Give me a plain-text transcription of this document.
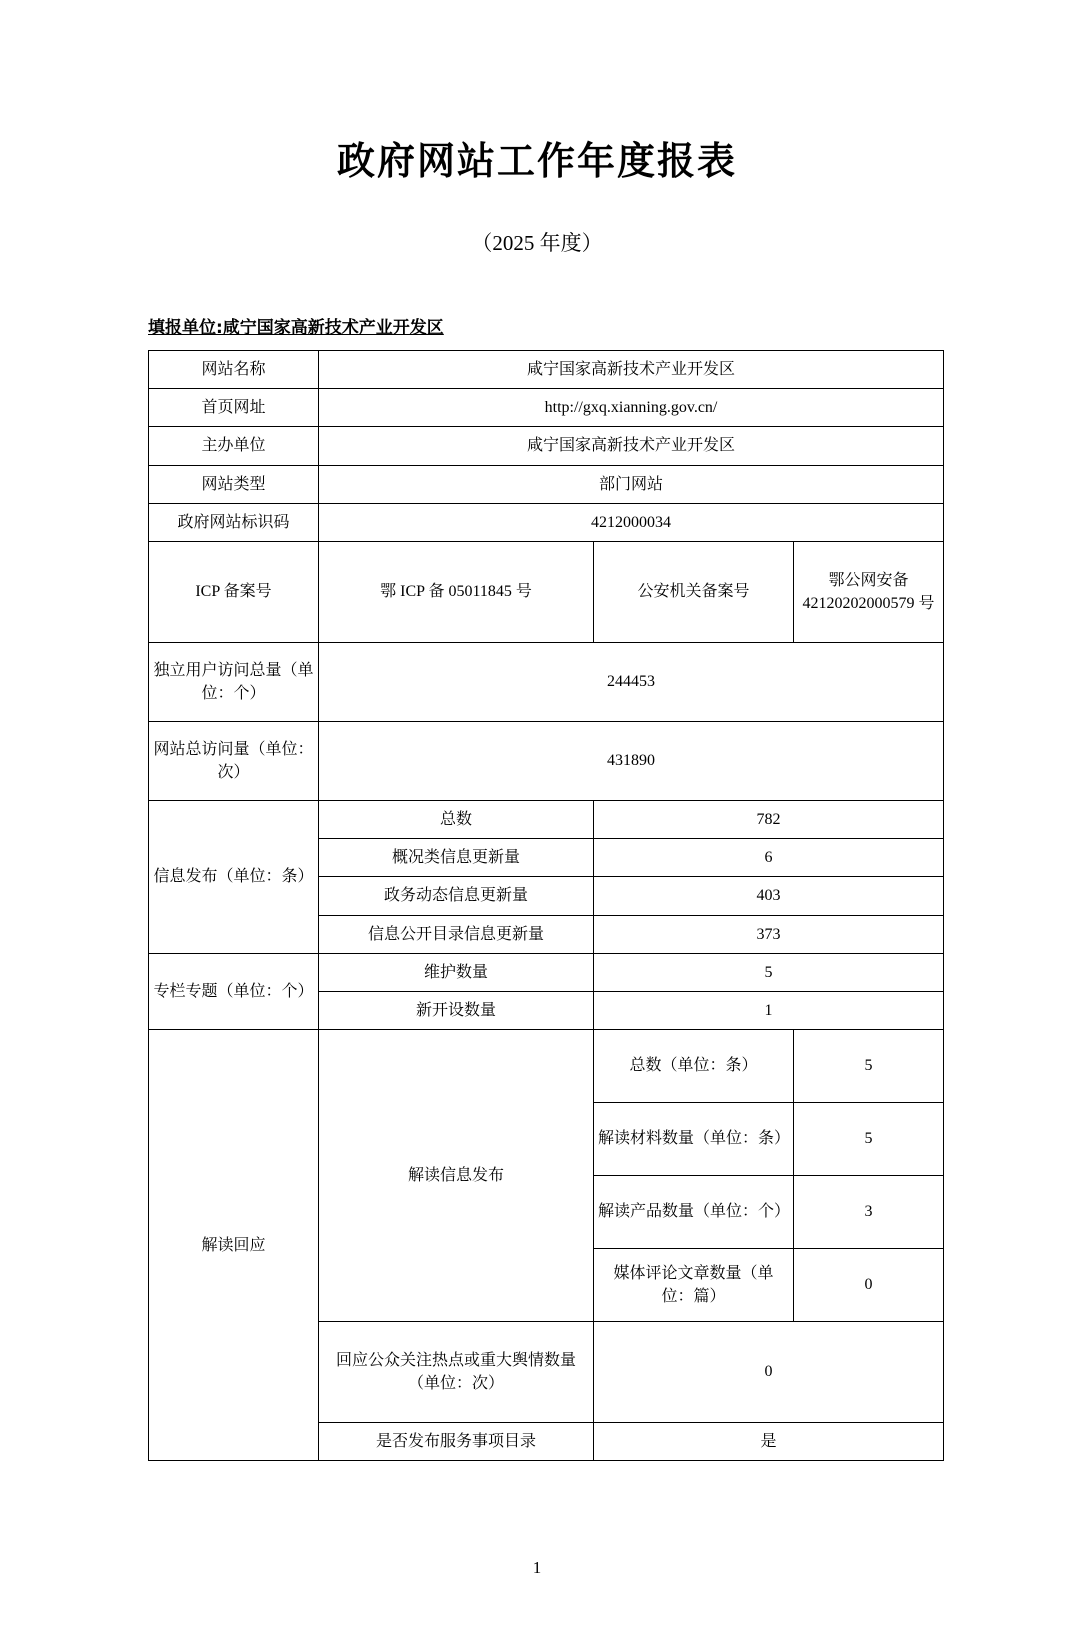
政府网站工作年度报表
（2025 年度）
填报单位:咸宁国家高新技术产业开发区
网站名称	咸宁国家高新技术产业开发区		
首页网址	http://gxq.xianning.gov.cn/		
主办单位	咸宁国家高新技术产业开发区		
网站类型	部门网站		
政府网站标识码	4212000034		
ICP 备案号	鄂 ICP 备 05011845 号	公安机关备案号	鄂公网安备 42120202000579 号
独立用户访问总量（单位：个）	244453		
网站总访问量（单位：次）	431890		
信息发布（单位：条）	总数	782	
	概况类信息更新量	6	
	政务动态信息更新量	403	
	信息公开目录信息更新量	373	
专栏专题（单位：个）	维护数量	5	
	新开设数量	1	
解读回应	解读信息发布	总数（单位：条）	5
		解读材料数量（单位：条）	5
		解读产品数量（单位：个）	3
		媒体评论文章数量（单位：篇）	0
	回应公众关注热点或重大舆情数量（单位：次）	0	
	是否发布服务事项目录	是	
1
